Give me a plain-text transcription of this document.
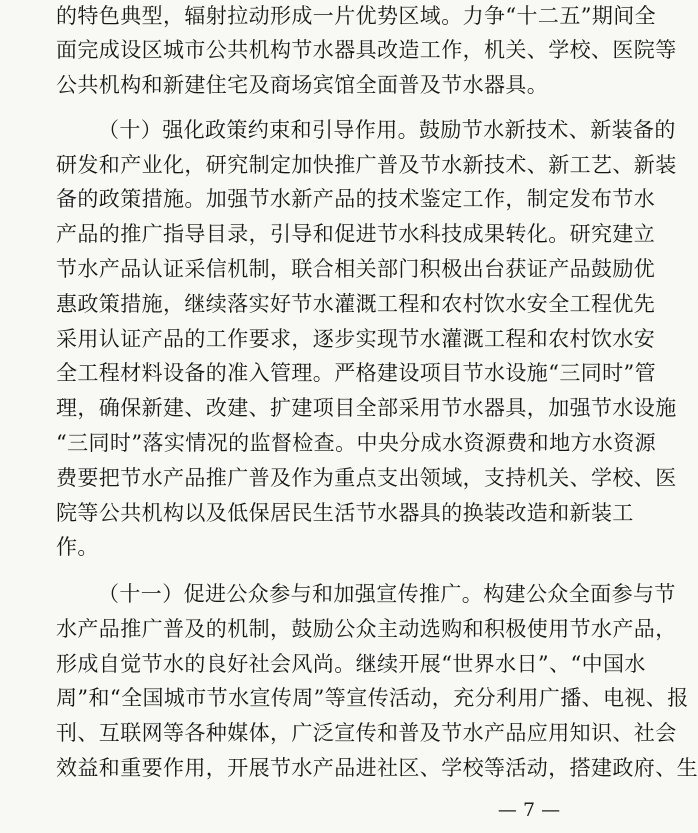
的特色典型，辐射拉动形成一片优势区域。力争“十二五”期间全
面完成设区城市公共机构节水器具改造工作，机关、学校、医院等
公共机构和新建住宅及商场宾馆全面普及节水器具。
（十）强化政策约束和引导作用。鼓励节水新技术、新装备的
研发和产业化，研究制定加快推广普及节水新技术、新工艺、新装
备的政策措施。加强节水新产品的技术鉴定工作，制定发布节水
产品的推广指导目录，引导和促进节水科技成果转化。研究建立
节水产品认证采信机制，联合相关部门积极出台获证产品鼓励优
惠政策措施，继续落实好节水灌溉工程和农村饮水安全工程优先
采用认证产品的工作要求，逐步实现节水灌溉工程和农村饮水安
全工程材料设备的准入管理。严格建设项目节水设施“三同时”管
理，确保新建、改建、扩建项目全部采用节水器具，加强节水设施
“三同时”落实情况的监督检查。中央分成水资源费和地方水资源
费要把节水产品推广普及作为重点支出领域，支持机关、学校、医
院等公共机构以及低保居民生活节水器具的换装改造和新装工
作。
（十一）促进公众参与和加强宣传推广。构建公众全面参与节
水产品推广普及的机制，鼓励公众主动选购和积极使用节水产品，
形成自觉节水的良好社会风尚。继续开展“世界水日”、“中国水
周”和“全国城市节水宣传周”等宣传活动，充分利用广播、电视、报
刊、互联网等各种媒体，广泛宣传和普及节水产品应用知识、社会
效益和重要作用，开展节水产品进社区、学校等活动，搭建政府、生
— 7 —
